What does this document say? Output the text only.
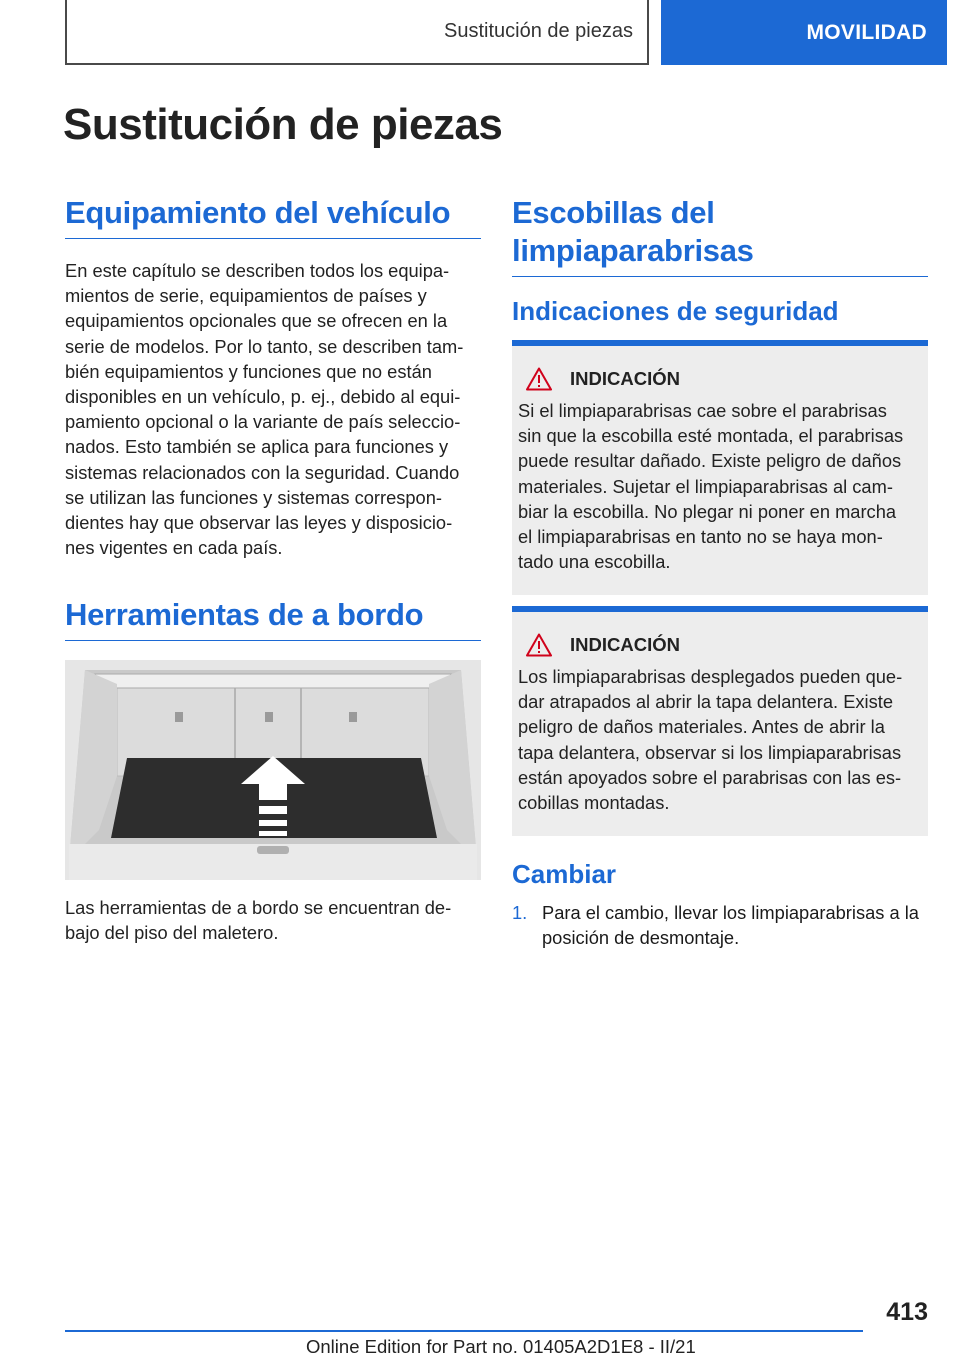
Sustitución de piezas	MOVILIDAD
Sustitución de piezas
Equipamiento del vehículo
En este capítulo se describen todos los equipa-
mientos de serie, equipamientos de países y
equipamientos opcionales que se ofrecen en la
serie de modelos. Por lo tanto, se describen tam-
bién equipamientos y funciones que no están
disponibles en un vehículo, p. ej., debido al equi-
pamiento opcional o la variante de país seleccio-
nados. Esto también se aplica para funciones y
sistemas relacionados con la seguridad. Cuando
se utilizan las funciones y sistemas correspon-
dientes hay que observar las leyes y disposicio-
nes vigentes en cada país.
Herramientas de a bordo
Las herramientas de a bordo se encuentran de-
bajo del piso del maletero.
Escobillas del
limpiaparabrisas
Indicaciones de seguridad
INDICACIÓN
Si el limpiaparabrisas cae sobre el parabrisas
sin que la escobilla esté montada, el parabrisas
puede resultar dañado. Existe peligro de daños
materiales. Sujetar el limpiaparabrisas al cam-
biar la escobilla. No plegar ni poner en marcha
el limpiaparabrisas en tanto no se haya mon-
tado una escobilla.
INDICACIÓN
Los limpiaparabrisas desplegados pueden que-
dar atrapados al abrir la tapa delantera. Existe
peligro de daños materiales. Antes de abrir la
tapa delantera, observar si los limpiaparabrisas
están apoyados sobre el parabrisas con las es-
cobillas montadas.
Cambiar
1. Para el cambio, llevar los limpiaparabrisas a la
posición de desmontaje.
413
Online Edition for Part no. 01405A2D1E8 - II/21
